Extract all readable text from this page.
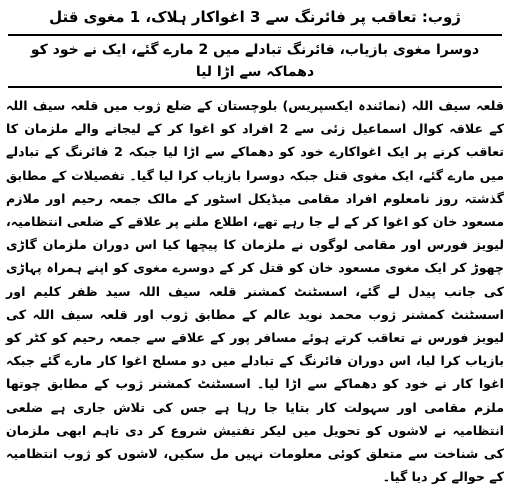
ژوب: تعاقب پر فائرنگ سے 3 اغواکار ہلاک، 1 مغوی قتل
دوسرا مغوی بازیاب، فائرنگ تبادلے میں 2 مارے گئے، ایک نے خود کو دھماکہ سے اڑا لیا

قلعہ سیف اللہ (نمائندہ ایکسپریس) بلوچستان کے ضلع ژوب میں قلعہ سیف اللہ کے علاقہ کوال اسماعیل زئی سے 2 افراد کو اغوا کر کے لیجانے والے ملزمان کا تعاقب کرنے پر ایک اغواکارے خود کو دھماکے سے اڑا لیا جبکہ 2 فائرنگ کے تبادلے میں مارے گئے، ایک مغوی قتل جبکہ دوسرا بازیاب کرا لیا گیا۔ تفصیلات کے مطابق گذشتہ روز نامعلوم افراد مقامی میڈیکل اسٹور کے مالک جمعہ رحیم اور ملازم مسعود خان کو اغوا کر کے لے جا رہے تھے، اطلاع ملنے پر علاقے کے ضلعی انتظامیہ، لیویز فورس اور مقامی لوگوں نے ملزمان کا پیچھا کیا اس دوران ملزمان گاڑی چھوڑ کر ایک مغوی مسعود خان کو قتل کر کے دوسرے مغوی کو اپنے ہمراہ پہاڑی کی جانب پیدل لے گئے، اسسٹنٹ کمشنر قلعہ سیف اللہ سید ظفر کلیم اور اسسٹنٹ کمشنر ژوب محمد نوید عالم کے مطابق ژوب اور قلعہ سیف اللہ کی لیویز فورس نے تعاقب کرتے ہوئے مسافر پور کے علاقے سے جمعہ رحیم کو کٹر کو بازیاب کرا لیا، اس دوران فائرنگ کے تبادلے میں دو مسلح اغوا کار مارے گئے جبکہ اغوا کار نے خود کو دھماکے سے اڑا لیا۔ اسسٹنٹ کمشنر ژوب کے مطابق چوتھا ملزم مقامی اور سہولت کار بتایا جا رہا ہے جس کی تلاش جاری ہے ضلعی انتظامیہ نے لاشوں کو تحویل میں لیکر تفتیش شروع کر دی تاہم ابھی ملزمان کی شناخت سے متعلق کوئی معلومات نہیں مل سکیں، لاشوں کو ژوب انتظامیہ کے حوالے کر دیا گیا۔
